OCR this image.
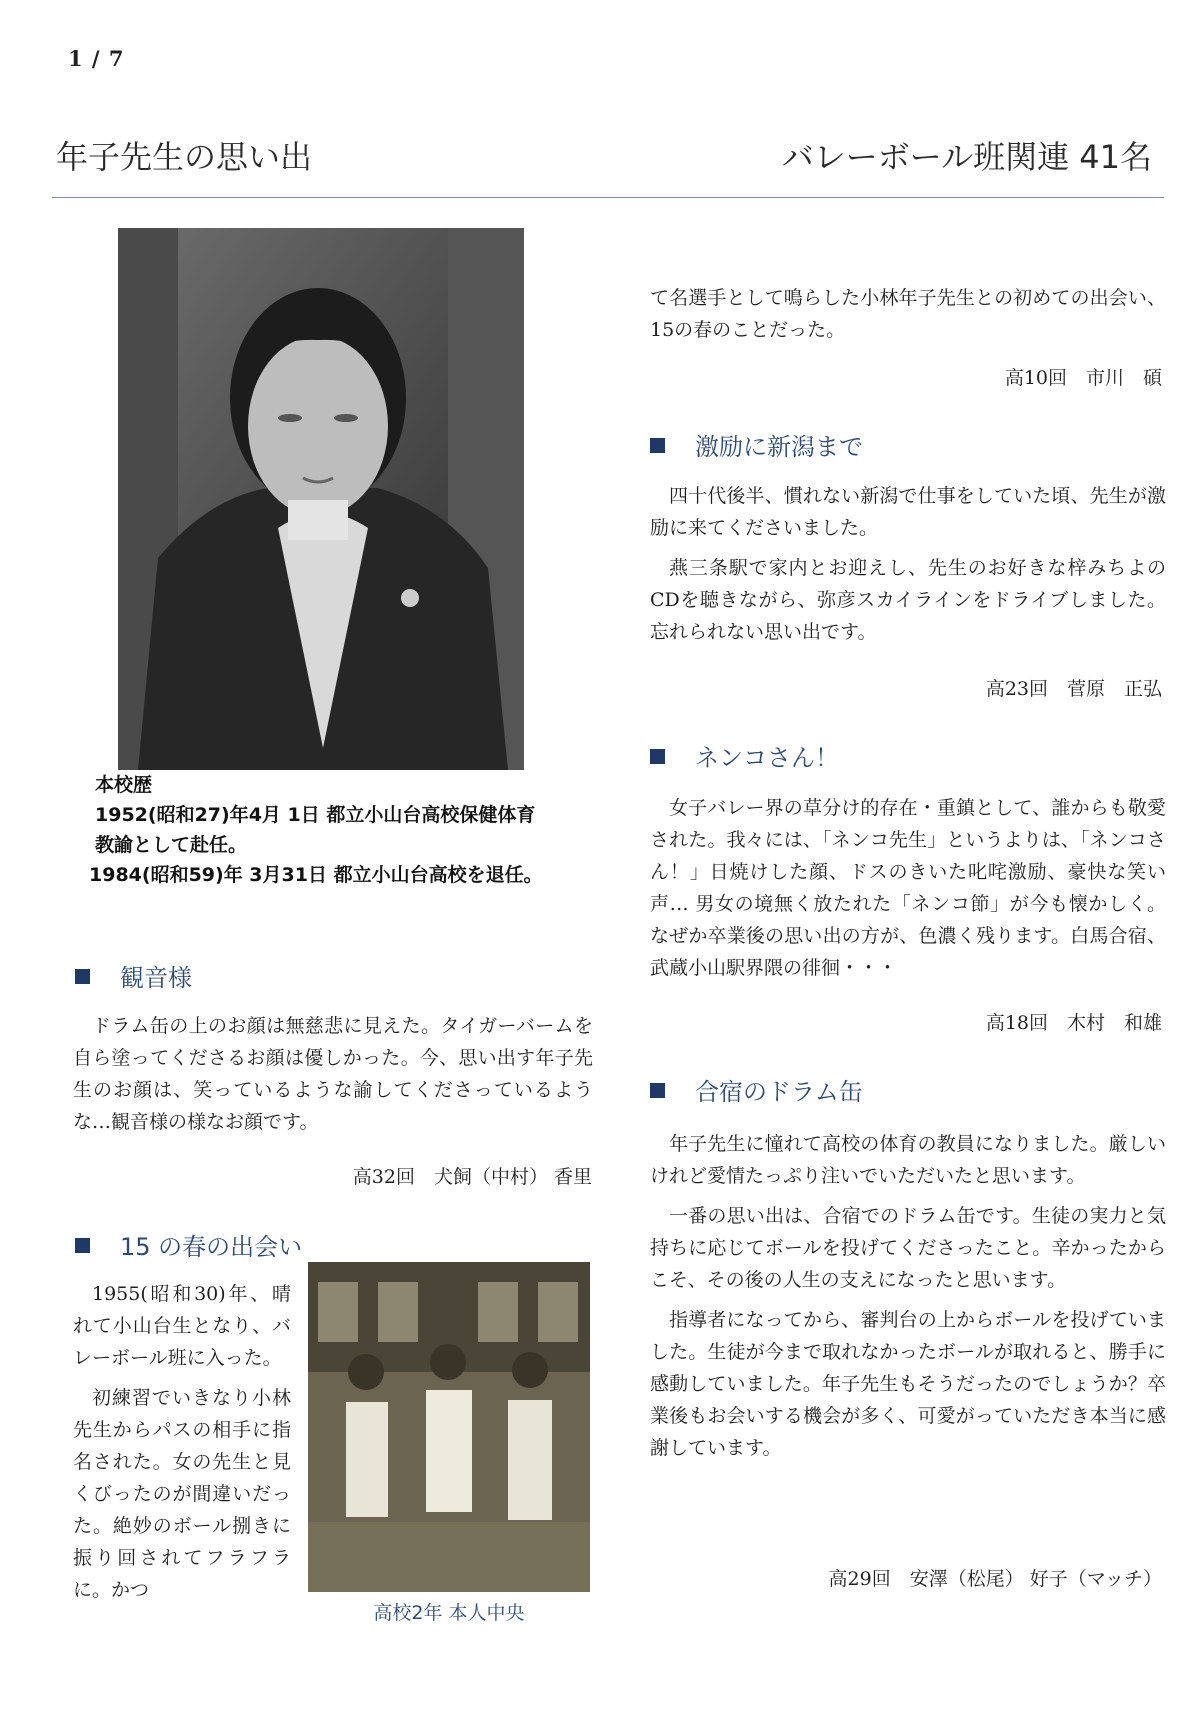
1 / 7
年子先生の思い出	バレーボール班関連 41名
本校歴
1952(昭和27)年4月 1日 都立小山台高校保健体育
教諭として赴任。
1984(昭和59)年 3月31日 都立小山台高校を退任。
観音様

ドラム缶の上のお顔は無慈悲に見えた。タイガーバームを自ら塗ってくださるお顔は優しかった。今、思い出す年子先生のお顔は、笑っているような諭してくださっているような…観音様の様なお顔です。

高32回　犬飼（中村） 香里
15 の春の出会い

1955(昭和30)年、晴れて小山台生となり、バレーボール班に入った。

初練習でいきなり小林先生からパスの相手に指名された。女の先生と見くびったのが間違いだった。絶妙のボール捌きに振り回されてフラフラに。かつ

高校2年 本人中央

て名選手として鳴らした小林年子先生との初めての出会い、15の春のことだった。

高10回　市川　碩
激励に新潟まで

四十代後半、慣れない新潟で仕事をしていた頃、先生が激励に来てくださいました。

燕三条駅で家内とお迎えし、先生のお好きな梓みちよのCDを聴きながら、弥彦スカイラインをドライブしました。忘れられない思い出です。

高23回　菅原　正弘
ネンコさん！

女子バレー界の草分け的存在・重鎮として、誰からも敬愛された。我々には、「ネンコ先生」というよりは、「ネンコさん！」日焼けした顔、ドスのきいた叱咤激励、豪快な笑い声… 男女の境無く放たれた「ネンコ節」が今も懐かしく。なぜか卒業後の思い出の方が、色濃く残ります。白馬合宿、武蔵小山駅界隈の徘徊・・・

高18回　木村　和雄
合宿のドラム缶

年子先生に憧れて高校の体育の教員になりました。厳しいけれど愛情たっぷり注いでいただいたと思います。

一番の思い出は、合宿でのドラム缶です。生徒の実力と気持ちに応じてボールを投げてくださったこと。辛かったからこそ、その後の人生の支えになったと思います。

指導者になってから、審判台の上からボールを投げていました。生徒が今まで取れなかったボールが取れると、勝手に感動していました。年子先生もそうだったのでしょうか？卒業後もお会いする機会が多く、可愛がっていただき本当に感謝しています。

高29回　安澤（松尾） 好子（マッチ）
